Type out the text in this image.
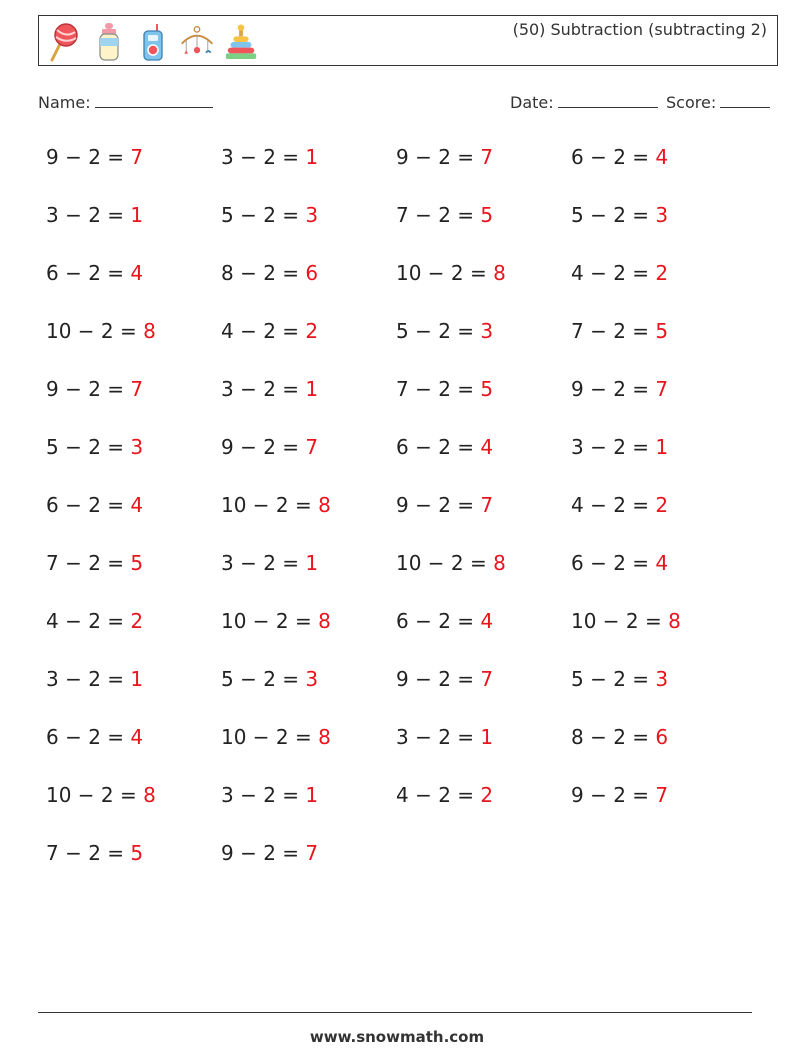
(50) Subtraction (subtracting 2)
Name:	Date:	Score:
9 − 2 = 7
3 − 2 = 1
6 − 2 = 4
10 − 2 = 8
9 − 2 = 7
5 − 2 = 3
6 − 2 = 4
7 − 2 = 5
4 − 2 = 2
3 − 2 = 1
6 − 2 = 4
10 − 2 = 8
7 − 2 = 5
3 − 2 = 1
5 − 2 = 3
8 − 2 = 6
4 − 2 = 2
3 − 2 = 1
9 − 2 = 7
10 − 2 = 8
3 − 2 = 1
10 − 2 = 8
5 − 2 = 3
10 − 2 = 8
3 − 2 = 1
9 − 2 = 7
9 − 2 = 7
7 − 2 = 5
10 − 2 = 8
5 − 2 = 3
7 − 2 = 5
6 − 2 = 4
9 − 2 = 7
10 − 2 = 8
6 − 2 = 4
9 − 2 = 7
3 − 2 = 1
4 − 2 = 2
6 − 2 = 4
5 − 2 = 3
4 − 2 = 2
7 − 2 = 5
9 − 2 = 7
3 − 2 = 1
4 − 2 = 2
6 − 2 = 4
10 − 2 = 8
5 − 2 = 3
8 − 2 = 6
9 − 2 = 7
www.snowmath.com
